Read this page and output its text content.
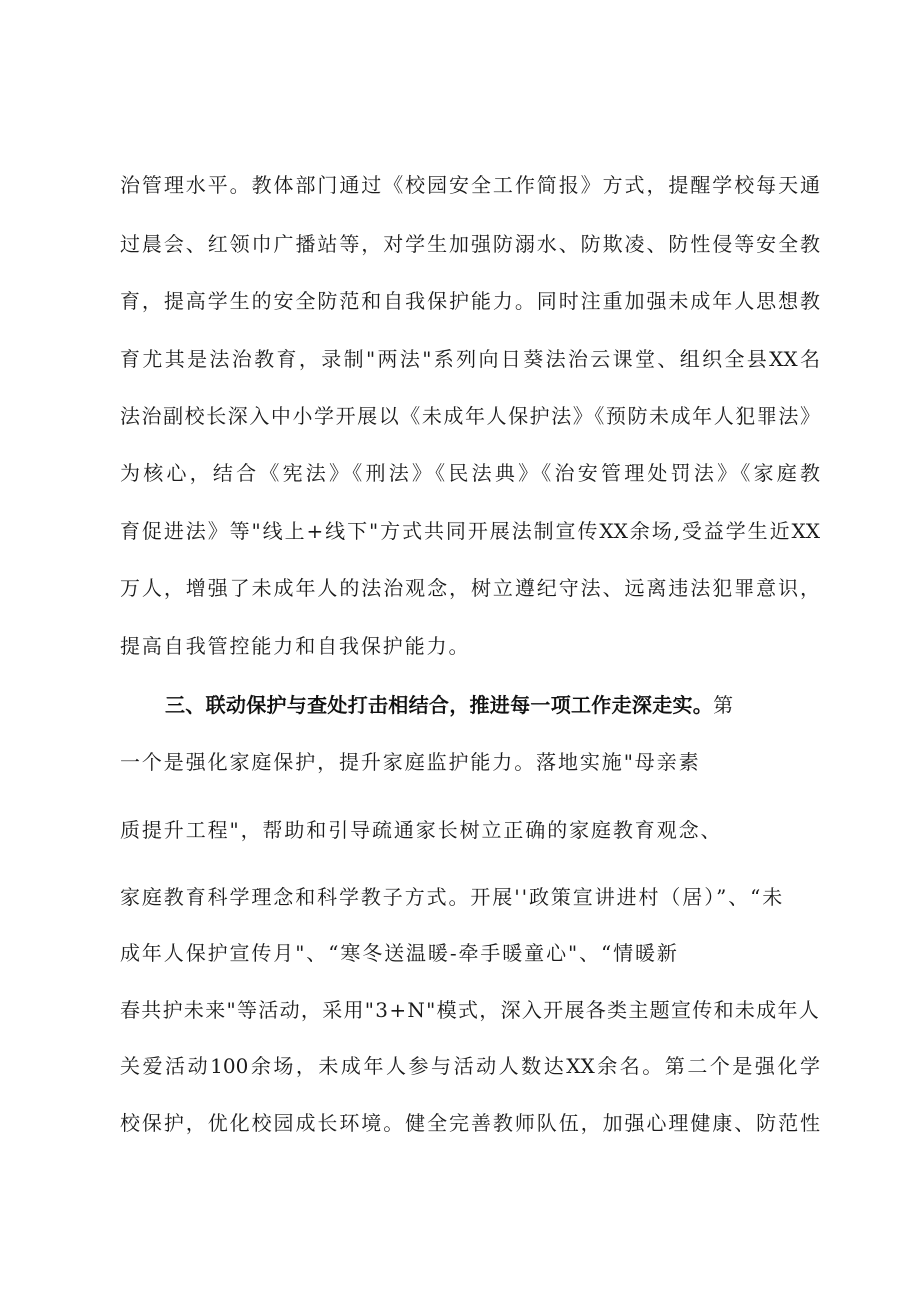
治管理水平。教体部门通过《校园安全工作简报》方式，提醒学校每天通
过晨会、红领巾广播站等，对学生加强防溺水、防欺凌、防性侵等安全教
育，提高学生的安全防范和自我保护能力。同时注重加强未成年人思想教
育尤其是法治教育，录制"两法"系列向日葵法治云课堂、组织全县XX名
法治副校长深入中小学开展以《未成年人保护法》《预防未成年人犯罪法》
为核心，结合《宪法》《刑法》《民法典》《治安管理处罚法》《家庭教
育促进法》等"线上+线下"方式共同开展法制宣传XX余场,受益学生近XX
万人，增强了未成年人的法治观念，树立遵纪守法、远离违法犯罪意识，
提高自我管控能力和自我保护能力。
三、联动保护与查处打击相结合，推进每一项工作走深走实。第
一个是强化家庭保护，提升家庭监护能力。落地实施"母亲素
质提升工程"，帮助和引导疏通家长树立正确的家庭教育观念、
家庭教育科学理念和科学教子方式。开展''政策宣讲进村（居）”、“未
成年人保护宣传月"、“寒冬送温暖-牵手暖童心"、“情暖新
春共护未来"等活动，采用"3+N"模式，深入开展各类主题宣传和未成年人
关爱活动100余场，未成年人参与活动人数达XX余名。第二个是强化学
校保护，优化校园成长环境。健全完善教师队伍，加强心理健康、防范性
